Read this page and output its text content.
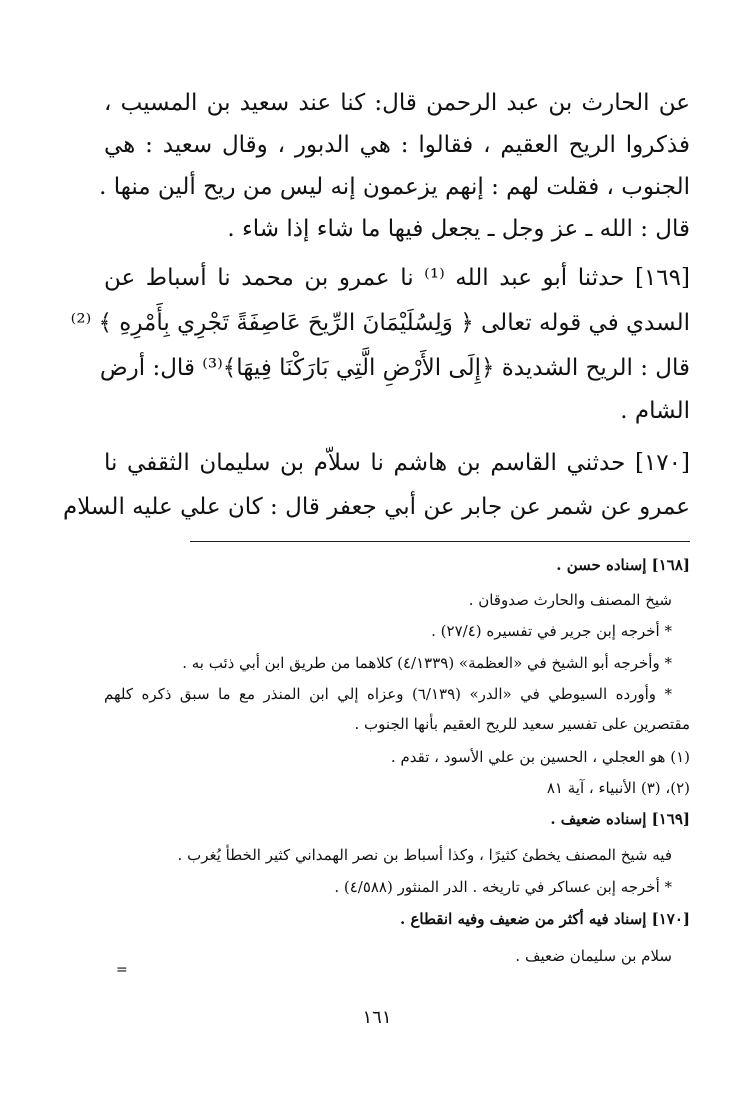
عن الحارث بن عبد الرحمن قال: كنا عند سعيد بن المسيب ،
فذكروا الريح العقيم ، فقالوا : هي الدبور ، وقال سعيد : هي
الجنوب ، فقلت لهم : إنهم يزعمون إنه ليس من ريح ألين منها .
قال : الله ـ عز وجل ـ يجعل فيها ما شاء إذا شاء .
[١٦٩] حدثنا أبو عبد الله ⁽¹⁾ نا عمرو بن محمد نا أسباط عن
السدي في قوله تعالى ﴿ وَلِسُلَيْمَانَ الرِّيحَ عَاصِفَةً تَجْرِي بِأَمْرِهِ ﴾ ⁽²⁾
قال : الريح الشديدة ﴿إِلَى الأَرْضِ الَّتِي بَارَكْنَا فِيهَا﴾⁽³⁾ قال: أرض
الشام .
[١٧٠] حدثني القاسم بن هاشم نا سلاّم بن سليمان الثقفي نا
عمرو عن شمر عن جابر عن أبي جعفر قال : كان علي عليه السلام
[١٦٨] إسناده حسن .
شيخ المصنف والحارث صدوقان .
* أخرجه إبن جرير في تفسيره (٢٧/٤) .
* وأخرجه أبو الشيخ في «العظمة» (٤/١٣٣٩) كلاهما من طريق ابن أبي ذئب به .
* وأورده السيوطي في «الدر» (٦/١٣٩) وعزاه إلي ابن المنذر مع ما سبق ذكره كلهم
مقتصرين على تفسير سعيد للريح العقيم بأنها الجنوب .
(١) هو العجلي ، الحسين بن علي الأسود ، تقدم .
(٢)، (٣) الأنبياء ، آية ٨١
[١٦٩] إسناده ضعيف .
فيه شيخ المصنف يخطئ كثيرًا ، وكذا أسباط بن نصر الهمداني كثير الخطأ يُغرب .
* أخرجه إبن عساكر في تاريخه . الدر المنثور (٤/٥٨٨) .
[١٧٠] إسناد فيه أكثر من ضعيف وفيه انقطاع .
سلام بن سليمان ضعيف .
=
١٦١
